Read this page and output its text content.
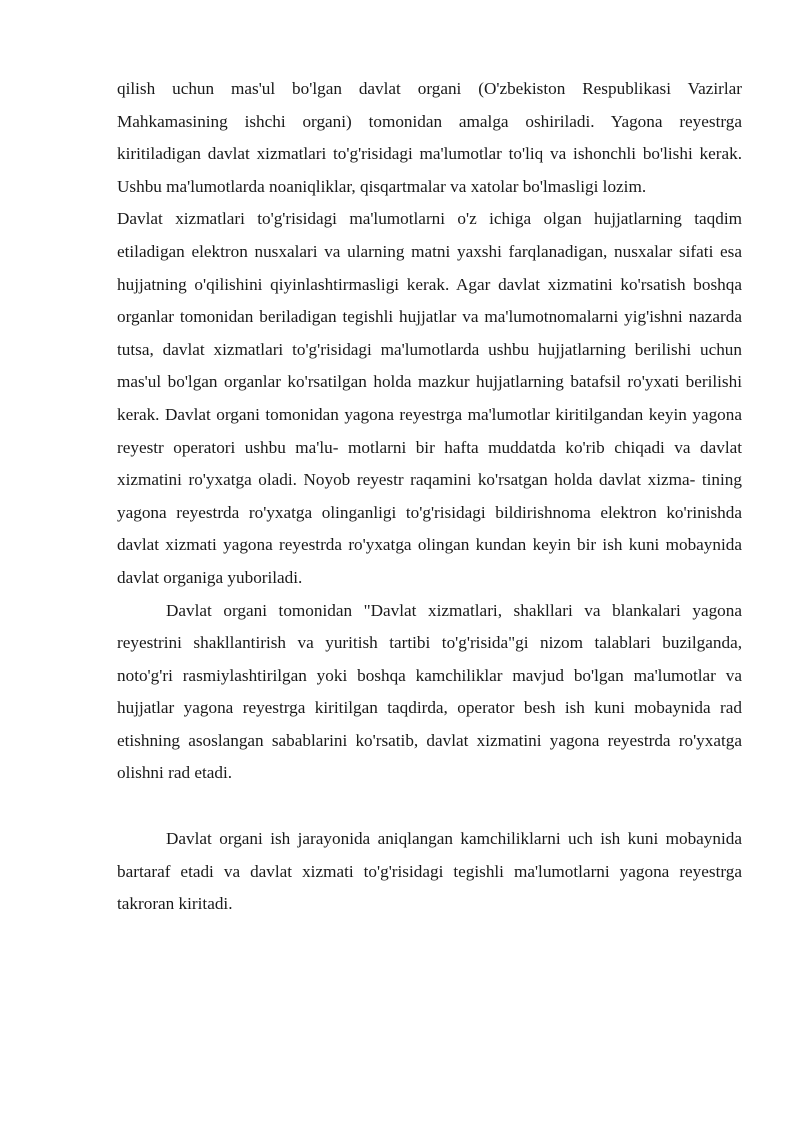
qilish uchun mas'ul bo'lgan davlat organi (O'zbekiston Respublikasi Vazirlar Mahkamasining ishchi organi) tomonidan amalga oshiriladi. Yagona reyestrga kiritiladigan davlat xizmatlari to'g'risidagi ma'lumotlar to'liq va ishonchli bo'lishi kerak. Ushbu ma'lumotlarda noaniqliklar, qisqartmalar va xatolar bo'lmasligi lozim.

Davlat xizmatlari to'g'risidagi ma'lumotlarni o'z ichiga olgan hujjatlarning taqdim etiladigan elektron nusxalari va ularning matni yaxshi farqlanadigan, nusxalar sifati esa hujjatning o'qilishini qiyinlashtirmasligi kerak. Agar davlat xizmatini ko'rsatish boshqa organlar tomonidan beriladigan tegishli hujjatlar va ma'lumotnomalarni yig'ishni nazarda tutsa, davlat xizmatlari to'g'risidagi ma'lumotlarda ushbu hujjatlarning berilishi uchun mas'ul bo'lgan organlar ko'rsatilgan holda mazkur hujjatlarning batafsil ro'yxati berilishi kerak. Davlat organi tomonidan yagona reyestrga ma'lumotlar kiritilgandan keyin yagona reyestr operatori ushbu ma'lu- motlarni bir hafta muddatda ko'rib chiqadi va davlat xizmatini ro'yxatga oladi. Noyob reyestr raqamini ko'rsatgan holda davlat xizma- tining yagona reyestrda ro'yxatga olinganligi to'g'risidagi bildirishnoma elektron ko'rinishda davlat xizmati yagona reyestrda ro'yxatga olingan kundan keyin bir ish kuni mobaynida davlat organiga yuboriladi.

Davlat organi tomonidan "Davlat xizmatlari, shakllari va blankalari yagona reyestrini shakllantirish va yuritish tartibi to'g'risida"gi nizom talablari buzilganda, noto'g'ri rasmiylashtirilgan yoki boshqa kamchiliklar mavjud bo'lgan ma'lumotlar va hujjatlar yagona reyestrga kiritilgan taqdirda, operator besh ish kuni mobaynida rad etishning asoslangan sabablarini ko'rsatib, davlat xizmatini yagona reyestrda ro'yxatga olishni rad etadi.

Davlat organi ish jarayonida aniqlangan kamchiliklarni uch ish kuni mobaynida bartaraf etadi va davlat xizmati to'g'risidagi tegishli ma'lumotlarni yagona reyestrga takroran kiritadi.
